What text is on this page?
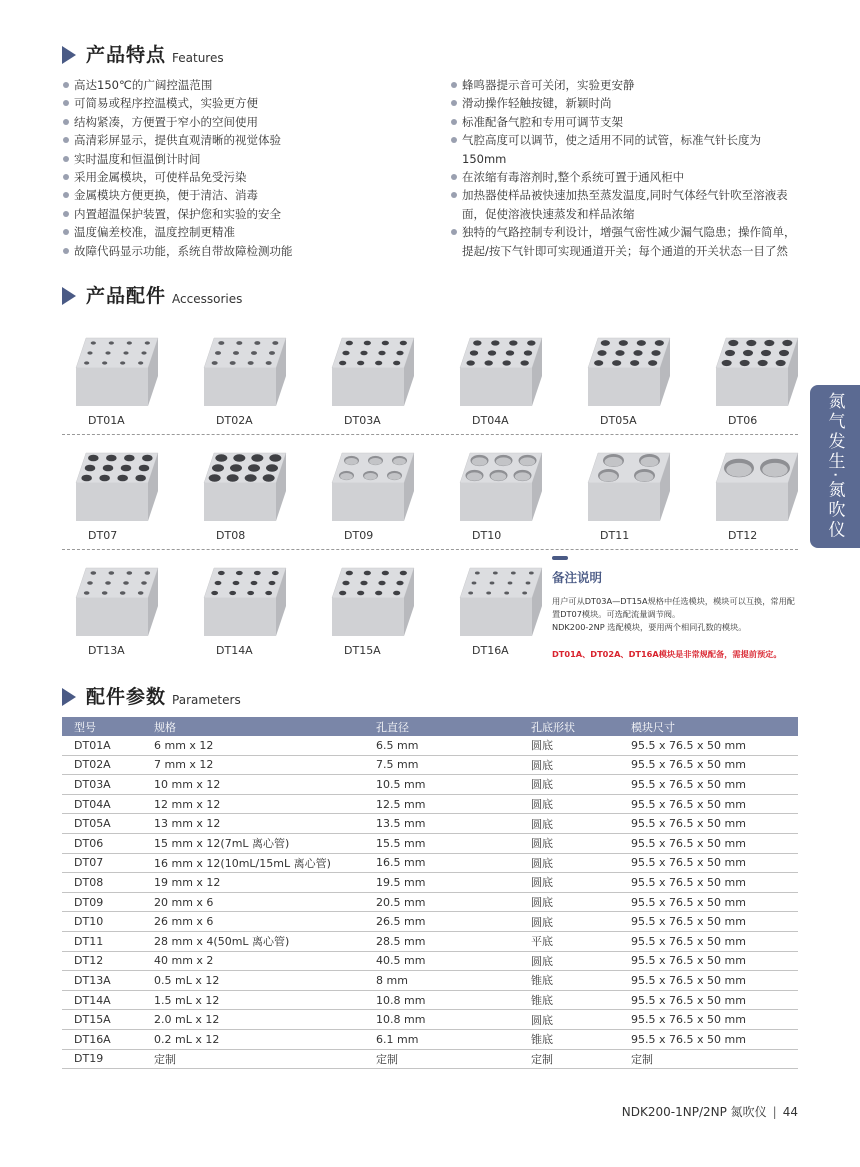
产品特点 Features
高达150℃的广阔控温范围
可简易或程序控温模式，实验更方便
结构紧凑，方便置于窄小的空间使用
高清彩屏显示，提供直观清晰的视觉体验
实时温度和恒温倒计时间
采用金属模块，可使样品免受污染
金属模块方便更换，便于清洁、消毒
内置超温保护装置，保护您和实验的安全
温度偏差校准，温度控制更精准
故障代码显示功能，系统自带故障检测功能
蜂鸣器提示音可关闭，实验更安静
滑动操作轻触按键，新颖时尚
标准配备气腔和专用可调节支架
气腔高度可以调节，使之适用不同的试管，标准气针长度为150mm
在浓缩有毒溶剂时,整个系统可置于通风柜中
加热器使样品被快速加热至蒸发温度,同时气体经气针吹至溶液表面，促使溶液快速蒸发和样品浓缩
独特的气路控制专利设计，增强气密性减少漏气隐患；操作简单，提起/按下气针即可实现通道开关；每个通道的开关状态一目了然
产品配件 Accessories
DT01A	DT02A	DT03A	DT04A	DT05A	DT06
DT07	DT08	DT09	DT10	DT11	DT12
DT13A	DT14A	DT15A	DT16A
备注说明
用户可从DT03A—DT15A规格中任选模块，模块可以互换，常用配置DT07模块。可选配流量调节阀。
NDK200-2NP 选配模块，要用两个相同孔数的模块。
DT01A、DT02A、DT16A模块是非常规配备，需提前预定。
氮气发生·氮吹仪
配件参数 Parameters
型号	规格	孔直径	孔底形状	模块尺寸
DT01A	6 mm x 12	6.5 mm	圆底	95.5 x 76.5 x 50 mm
DT02A	7 mm x 12	7.5 mm	圆底	95.5 x 76.5 x 50 mm
DT03A	10 mm x 12	10.5 mm	圆底	95.5 x 76.5 x 50 mm
DT04A	12 mm x 12	12.5 mm	圆底	95.5 x 76.5 x 50 mm
DT05A	13 mm x 12	13.5 mm	圆底	95.5 x 76.5 x 50 mm
DT06	15 mm x 12(7mL 离心管)	15.5 mm	圆底	95.5 x 76.5 x 50 mm
DT07	16 mm x 12(10mL/15mL 离心管)	16.5 mm	圆底	95.5 x 76.5 x 50 mm
DT08	19 mm x 12	19.5 mm	圆底	95.5 x 76.5 x 50 mm
DT09	20 mm x 6	20.5 mm	圆底	95.5 x 76.5 x 50 mm
DT10	26 mm x 6	26.5 mm	圆底	95.5 x 76.5 x 50 mm
DT11	28 mm x 4(50mL 离心管)	28.5 mm	平底	95.5 x 76.5 x 50 mm
DT12	40 mm x 2	40.5 mm	圆底	95.5 x 76.5 x 50 mm
DT13A	0.5 mL x 12	8 mm	锥底	95.5 x 76.5 x 50 mm
DT14A	1.5 mL x 12	10.8 mm	锥底	95.5 x 76.5 x 50 mm
DT15A	2.0 mL x 12	10.8 mm	圆底	95.5 x 76.5 x 50 mm
DT16A	0.2 mL x 12	6.1 mm	锥底	95.5 x 76.5 x 50 mm
DT19	定制	定制	定制	定制
NDK200-1NP/2NP 氮吹仪 | 44
